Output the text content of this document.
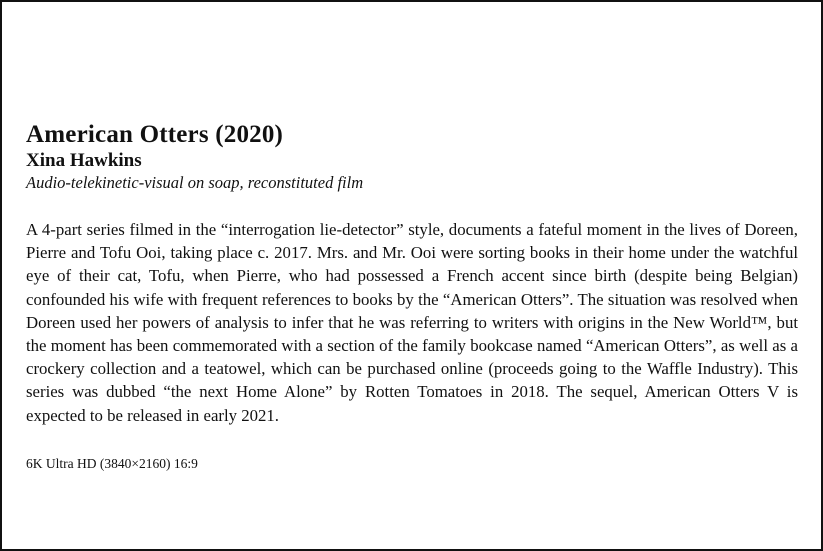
American Otters (2020)
Xina Hawkins
Audio-telekinetic-visual on soap, reconstituted film

A 4-part series filmed in the “interrogation lie-detector” style, documents a fateful moment in the lives of Doreen, Pierre and Tofu Ooi, taking place c. 2017. Mrs. and Mr. Ooi were sorting books in their home under the watchful eye of their cat, Tofu, when Pierre, who had possessed a French accent since birth (despite being Belgian) confounded his wife with frequent references to books by the “American Otters”. The situation was resolved when Doreen used her powers of analysis to infer that he was referring to writers with origins in the New World™, but the moment has been commemorated with a section of the family bookcase named “American Otters”, as well as a crockery collection and a teatowel, which can be purchased online (proceeds going to the Waffle Industry). This series was dubbed “the next Home Alone” by Rotten Tomatoes in 2018. The sequel, American Otters V is expected to be released in early 2021.

6K Ultra HD (3840×2160) 16:9
